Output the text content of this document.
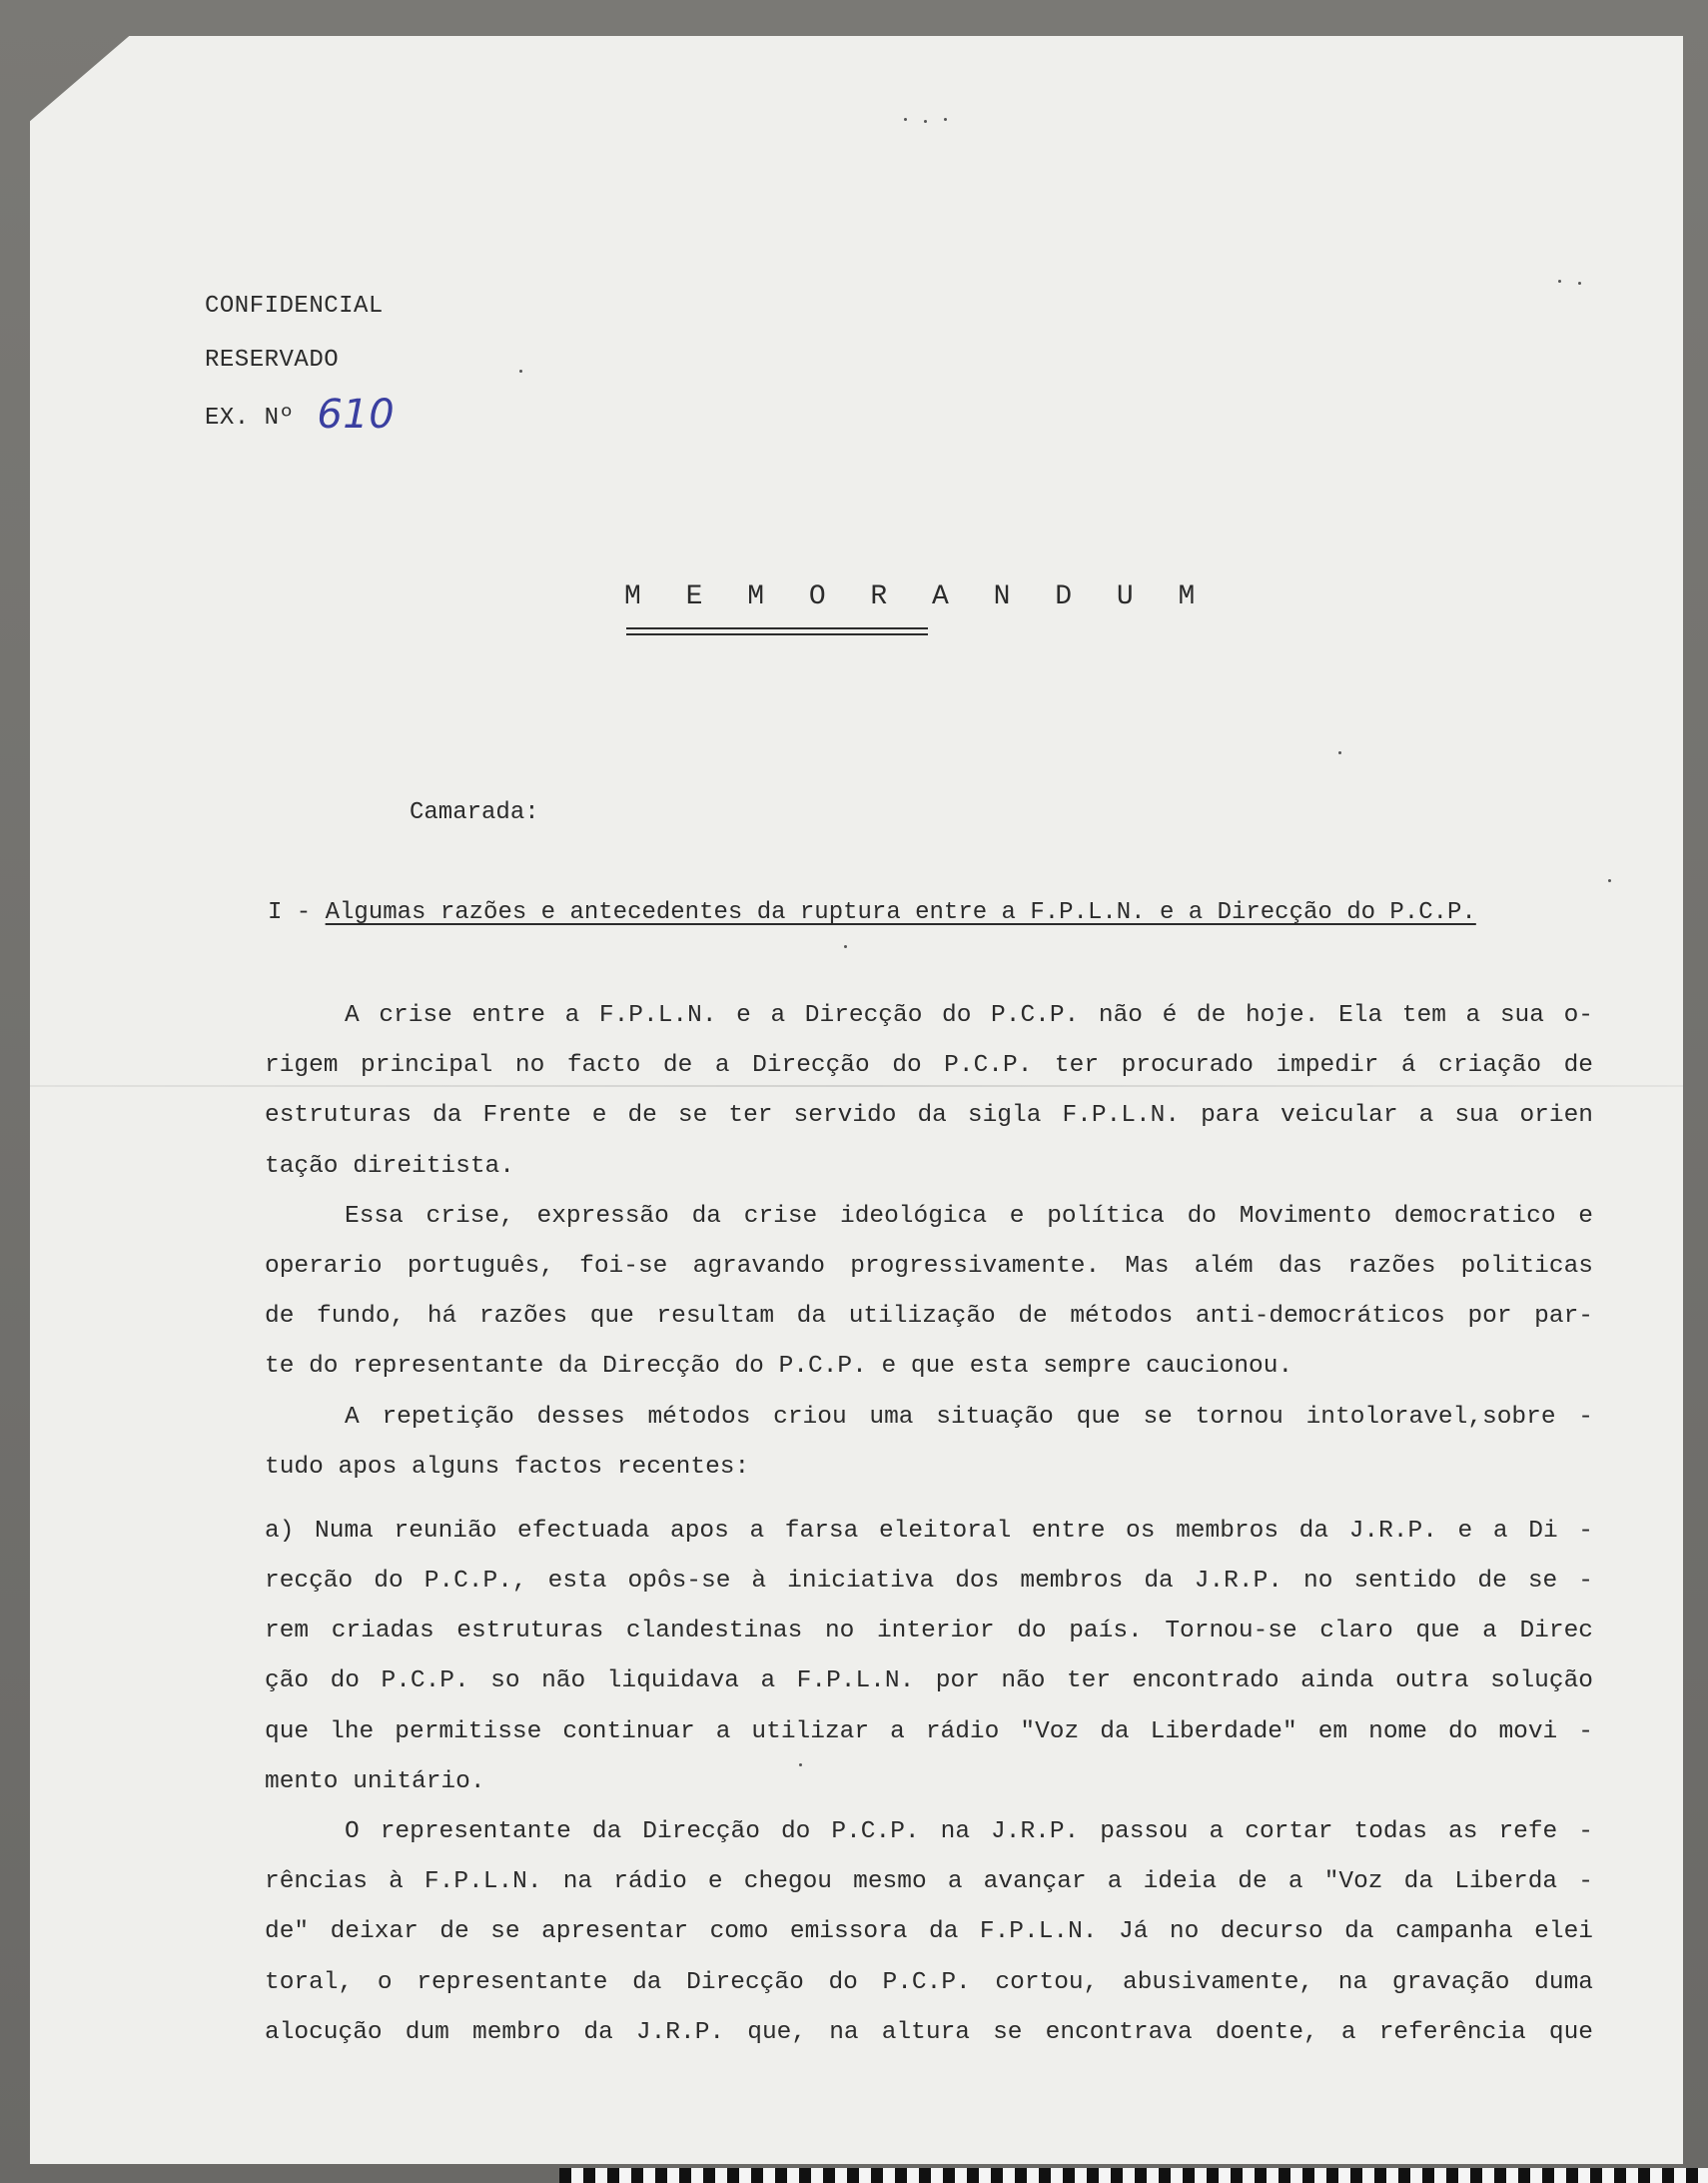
CONFIDENCIAL
RESERVADO
EX. Nº 610
M E M O R A N D U M
Camarada:
I - Algumas razões e antecedentes da ruptura entre a F.P.L.N. e a Direcção do P.C.P.
A crise entre a F.P.L.N. e a Direcção do P.C.P. não é de hoje. Ela tem a sua o-
rigem principal no facto de a Direcção do P.C.P. ter procurado impedir á criação de
estruturas da Frente e de se ter servido da sigla F.P.L.N. para veicular a sua orien
tação direitista.
Essa crise, expressão da crise ideológica e política do Movimento democratico e
operario português, foi-se agravando progressivamente. Mas além das razões politicas
de fundo, há razões que resultam da utilização de métodos anti-democráticos por par-
te do representante da Direcção do P.C.P. e que esta sempre caucionou.
A repetição desses métodos criou uma situação que se tornou intoloravel,sobre -
tudo apos alguns factos recentes:
a) Numa reunião efectuada apos a farsa eleitoral entre os membros da J.R.P. e a Di -
recção do P.C.P., esta opôs-se à iniciativa dos membros da J.R.P. no sentido de se -
rem criadas estruturas clandestinas no interior do país. Tornou-se claro que a Direc
ção do P.C.P. so não liquidava a F.P.L.N. por não ter encontrado ainda outra solução
que lhe permitisse continuar a utilizar a rádio "Voz da Liberdade" em nome do movi -
mento unitário.
O representante da Direcção do P.C.P. na J.R.P. passou a cortar todas as refe -
rências à F.P.L.N. na rádio e chegou mesmo a avançar a ideia de a "Voz da Liberda -
de" deixar de se apresentar como emissora da F.P.L.N. Já no decurso da campanha elei
toral, o representante da Direcção do P.C.P. cortou, abusivamente, na gravação duma
alocução dum membro da J.R.P. que, na altura se encontrava doente, a referência que
